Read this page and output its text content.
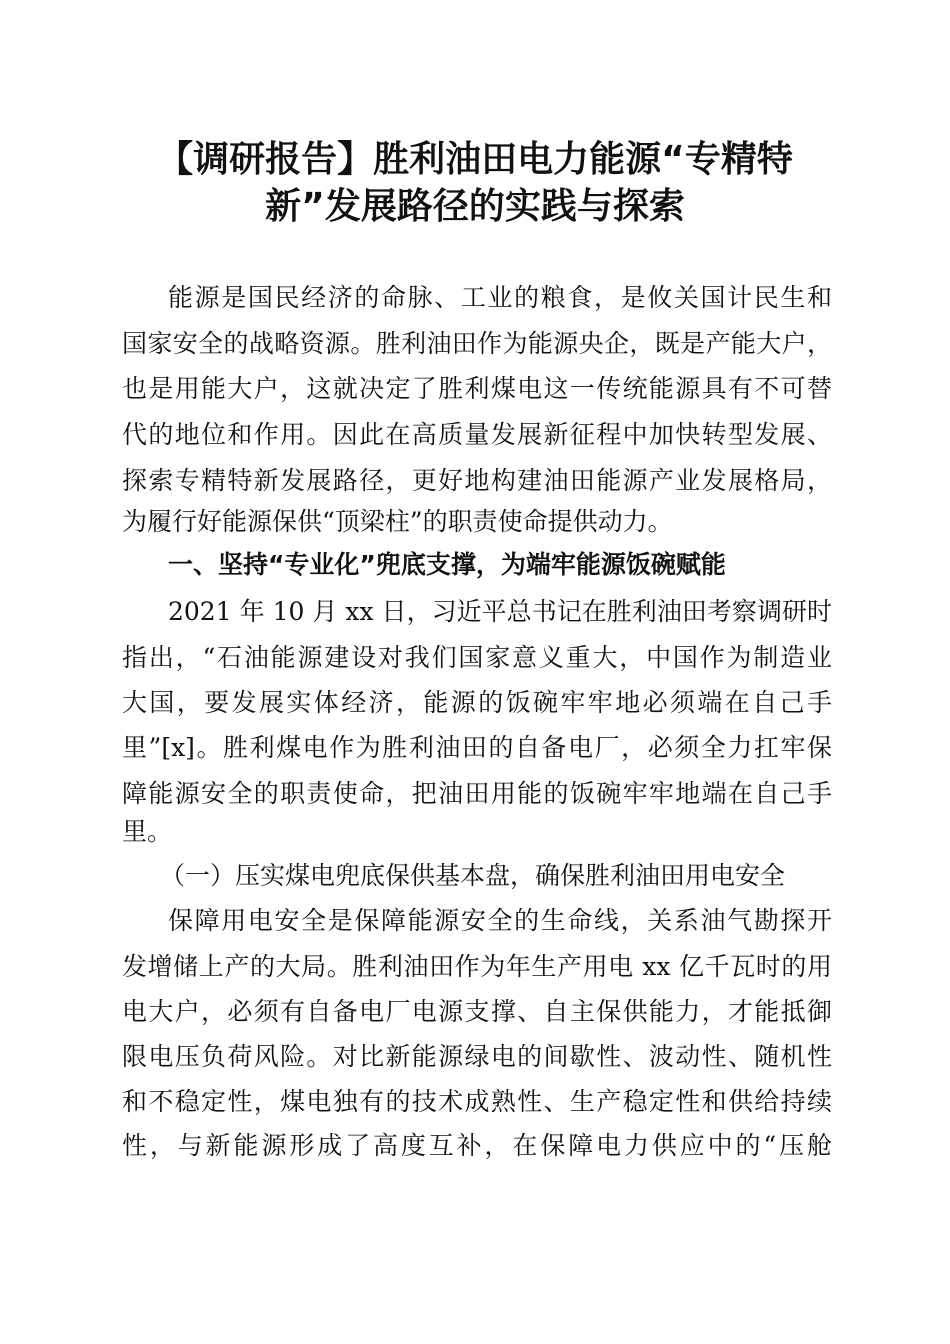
【调研报告】胜利油田电力能源“专精特
新”发展路径的实践与探索
能源是国民经济的命脉、工业的粮食，是攸关国计民生和
国家安全的战略资源。胜利油田作为能源央企，既是产能大户，
也是用能大户，这就决定了胜利煤电这一传统能源具有不可替
代的地位和作用。因此在高质量发展新征程中加快转型发展、
探索专精特新发展路径，更好地构建油田能源产业发展格局，
为履行好能源保供“顶梁柱”的职责使命提供动力。
一、坚持“专业化”兜底支撑，为端牢能源饭碗赋能
2021 年 10 月 xx 日，习近平总书记在胜利油田考察调研时
指出，“石油能源建设对我们国家意义重大，中国作为制造业
大国，要发展实体经济，能源的饭碗牢牢地必须端在自己手
里”[x]。胜利煤电作为胜利油田的自备电厂，必须全力扛牢保
障能源安全的职责使命，把油田用能的饭碗牢牢地端在自己手
里。
（一）压实煤电兜底保供基本盘，确保胜利油田用电安全
保障用电安全是保障能源安全的生命线，关系油气勘探开
发增储上产的大局。胜利油田作为年生产用电 xx 亿千瓦时的用
电大户，必须有自备电厂电源支撑、自主保供能力，才能抵御
限电压负荷风险。对比新能源绿电的间歇性、波动性、随机性
和不稳定性，煤电独有的技术成熟性、生产稳定性和供给持续
性，与新能源形成了高度互补，在保障电力供应中的“压舱
